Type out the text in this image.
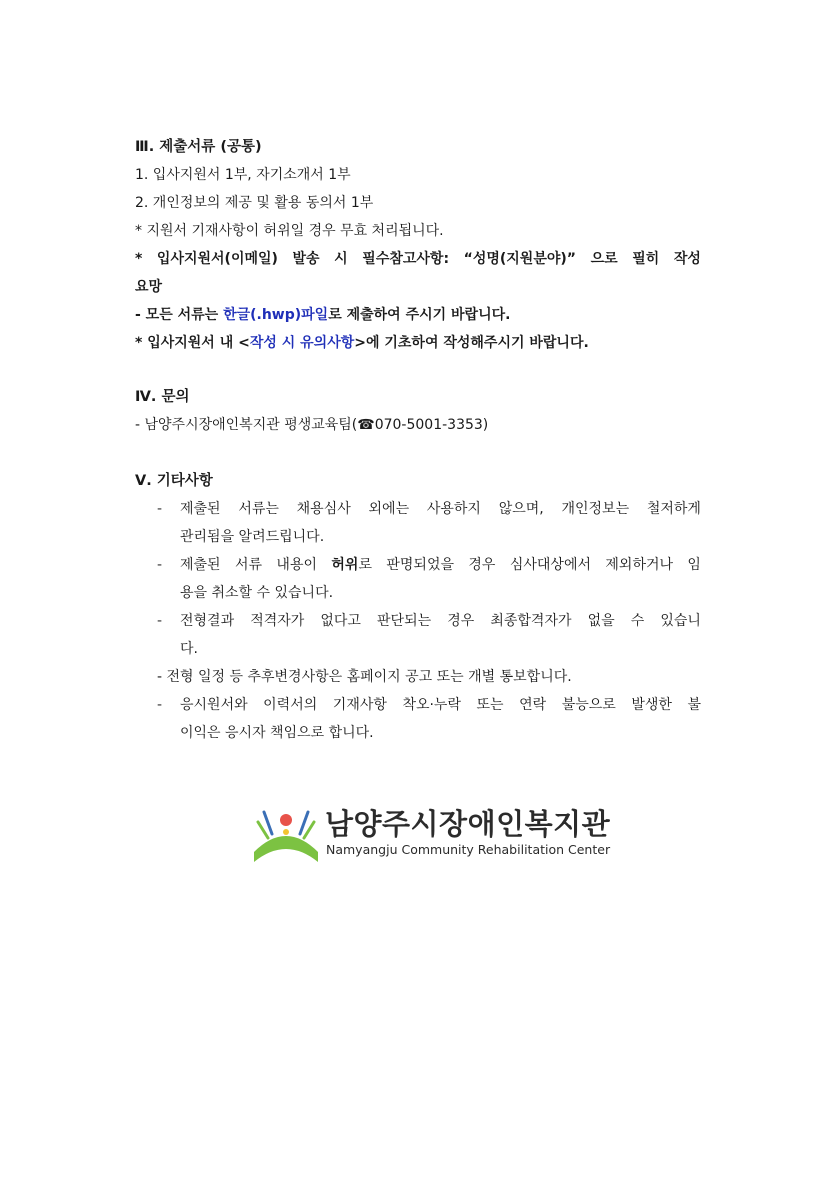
Ⅲ. 제출서류 (공통)
1. 입사지원서 1부, 자기소개서 1부
2. 개인정보의 제공 및 활용 동의서 1부
* 지원서 기재사항이 허위일 경우 무효 처리됩니다.
* 입사지원서(이메일) 발송 시 필수참고사항: “성명(지원분야)” 으로 필히 작성
요망
- 모든 서류는 한글(.hwp)파일로 제출하여 주시기 바랍니다.
* 입사지원서 내 <작성 시 유의사항>에 기초하여 작성해주시기 바랍니다.
Ⅳ. 문의
- 남양주시장애인복지관 평생교육팀(☎070-5001-3353)
Ⅴ. 기타사항
- 제출된 서류는 채용심사 외에는 사용하지 않으며, 개인정보는 철저하게
관리됨을 알려드립니다.
- 제출된 서류 내용이 허위로 판명되었을 경우 심사대상에서 제외하거나 임
용을 취소할 수 있습니다.
- 전형결과 적격자가 없다고 판단되는 경우 최종합격자가 없을 수 있습니
다.
- 전형 일정 등 추후변경사항은 홈페이지 공고 또는 개별 통보합니다.
- 응시원서와 이력서의 기재사항 착오·누락 또는 연락 불능으로 발생한 불
이익은 응시자 책임으로 합니다.
남양주시장애인복지관
Namyangju Community Rehabilitation Center
